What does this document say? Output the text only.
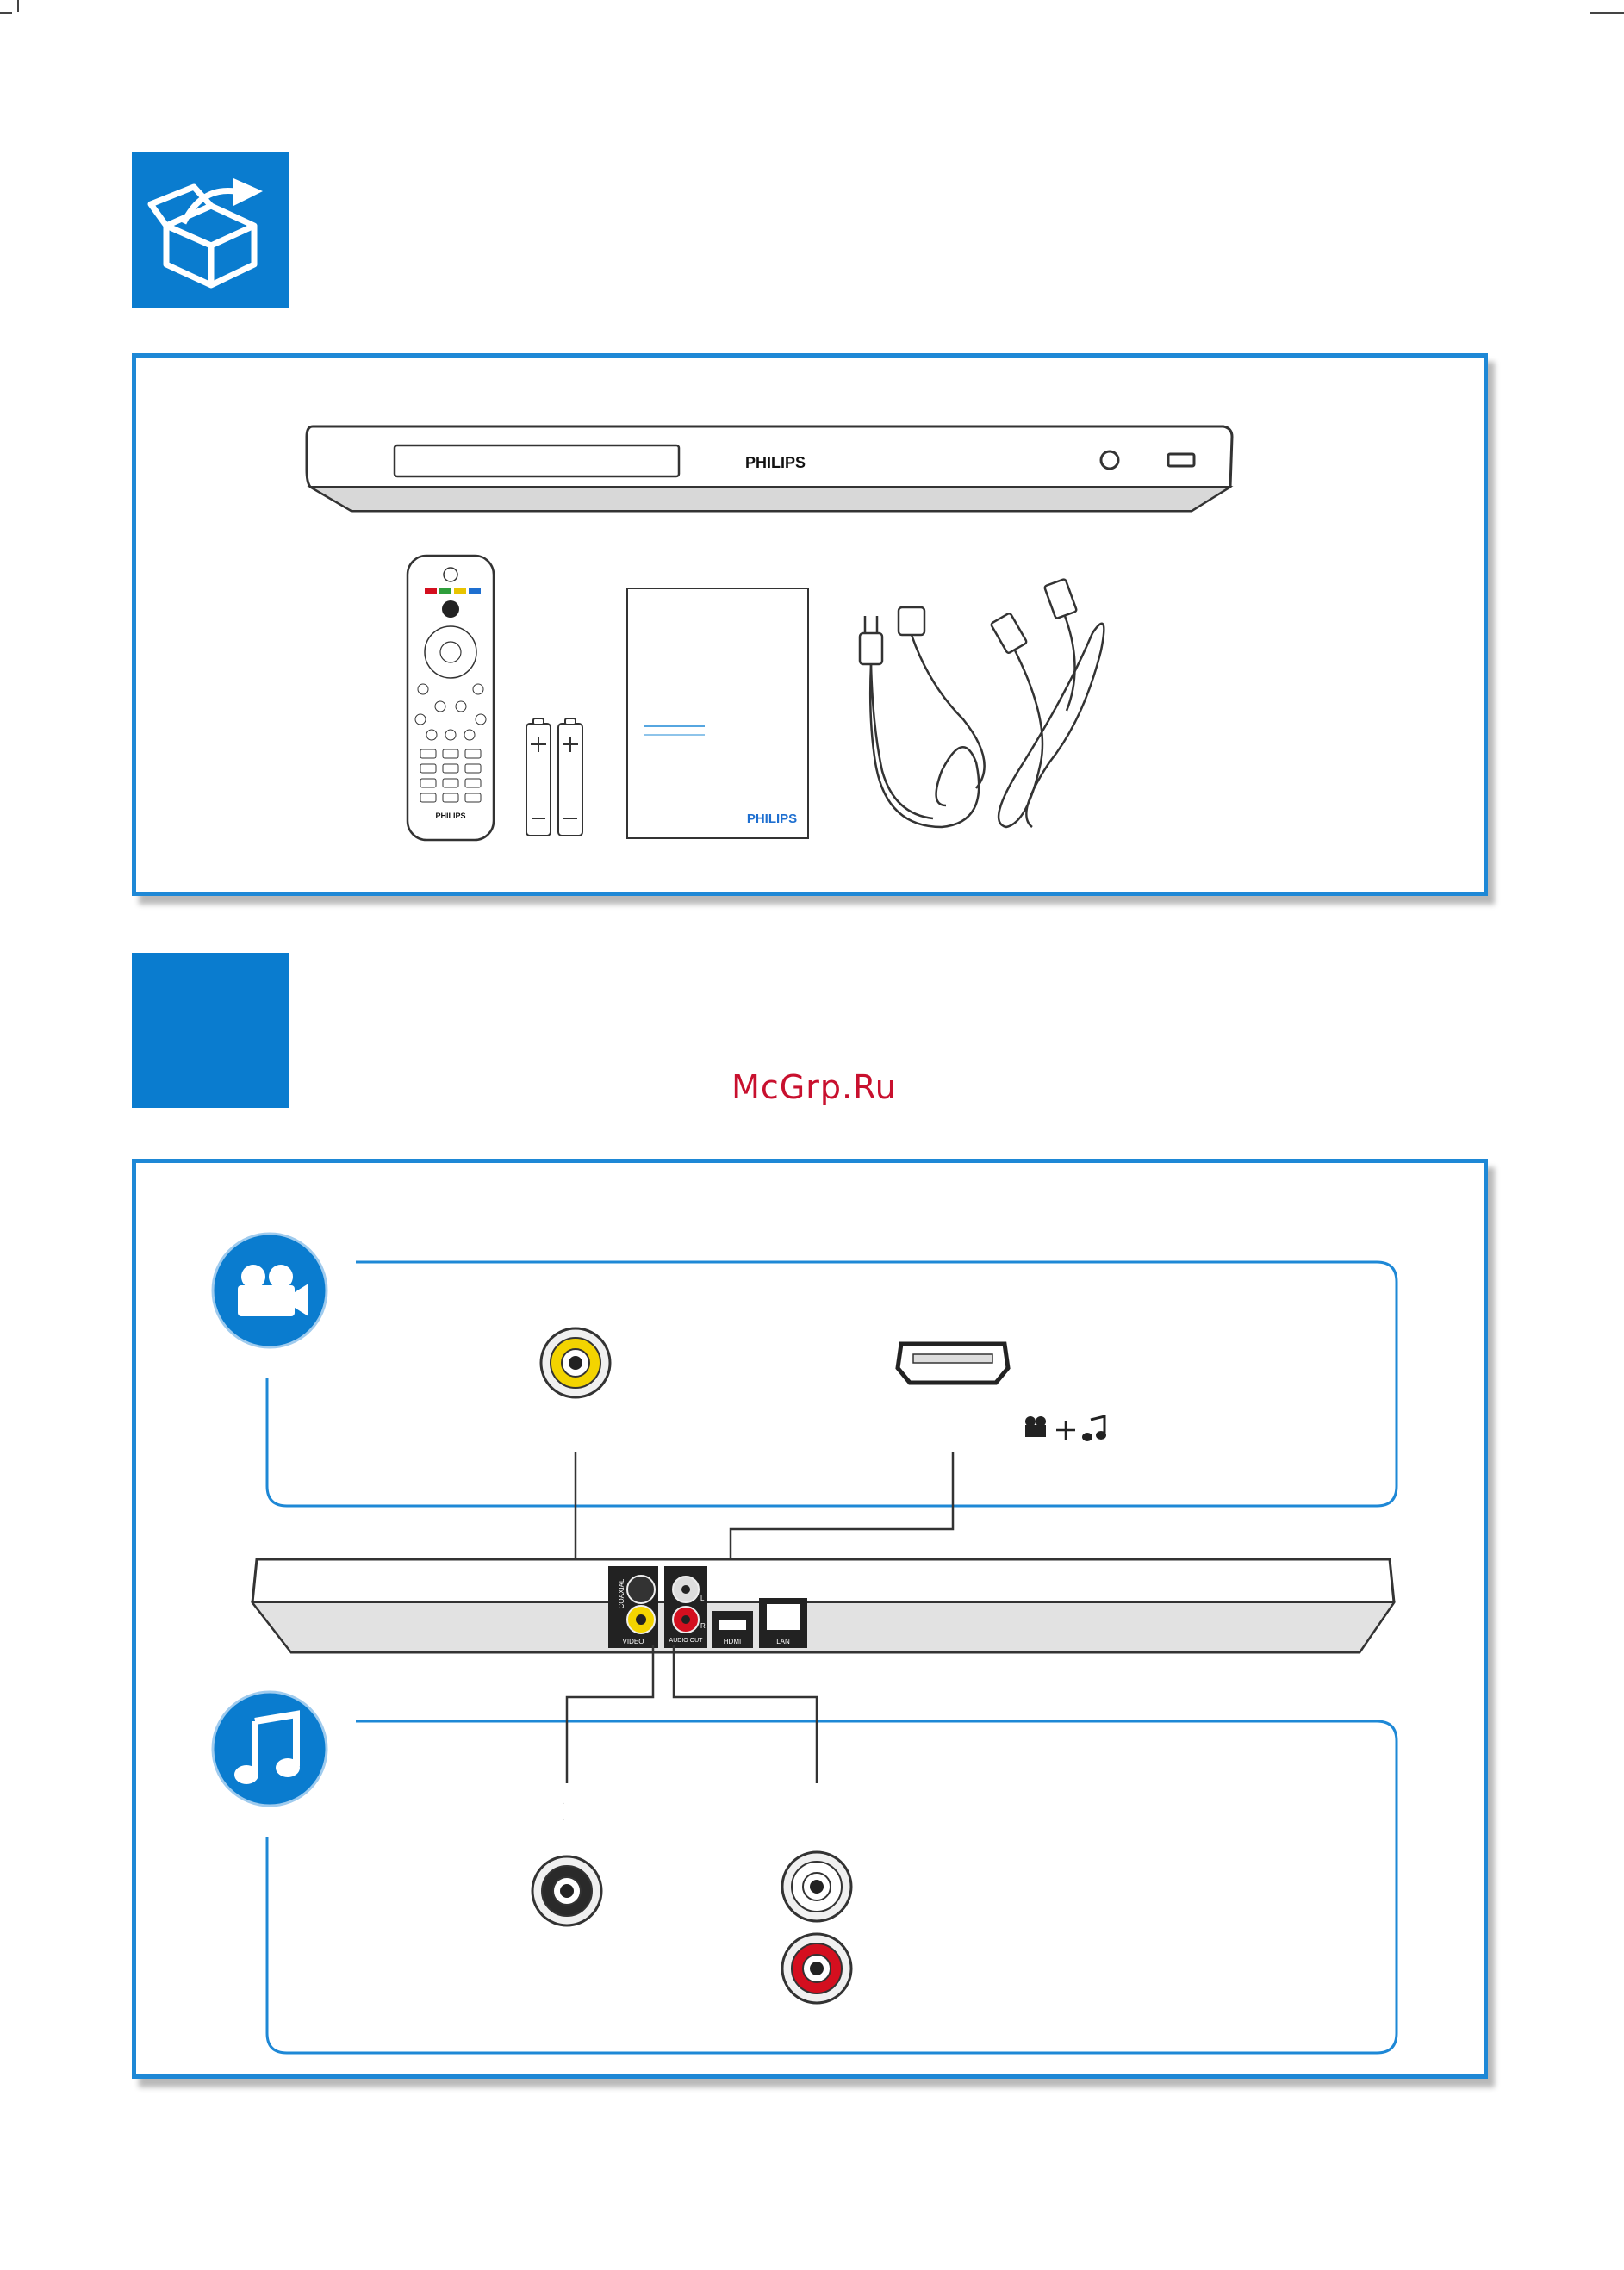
PHILIPS
PHILIPS	PHILIPS
McGrp.Ru
COAXIAL
VIDEO	AUDIO OUT
L
R
HDMI	LAN
·
·
